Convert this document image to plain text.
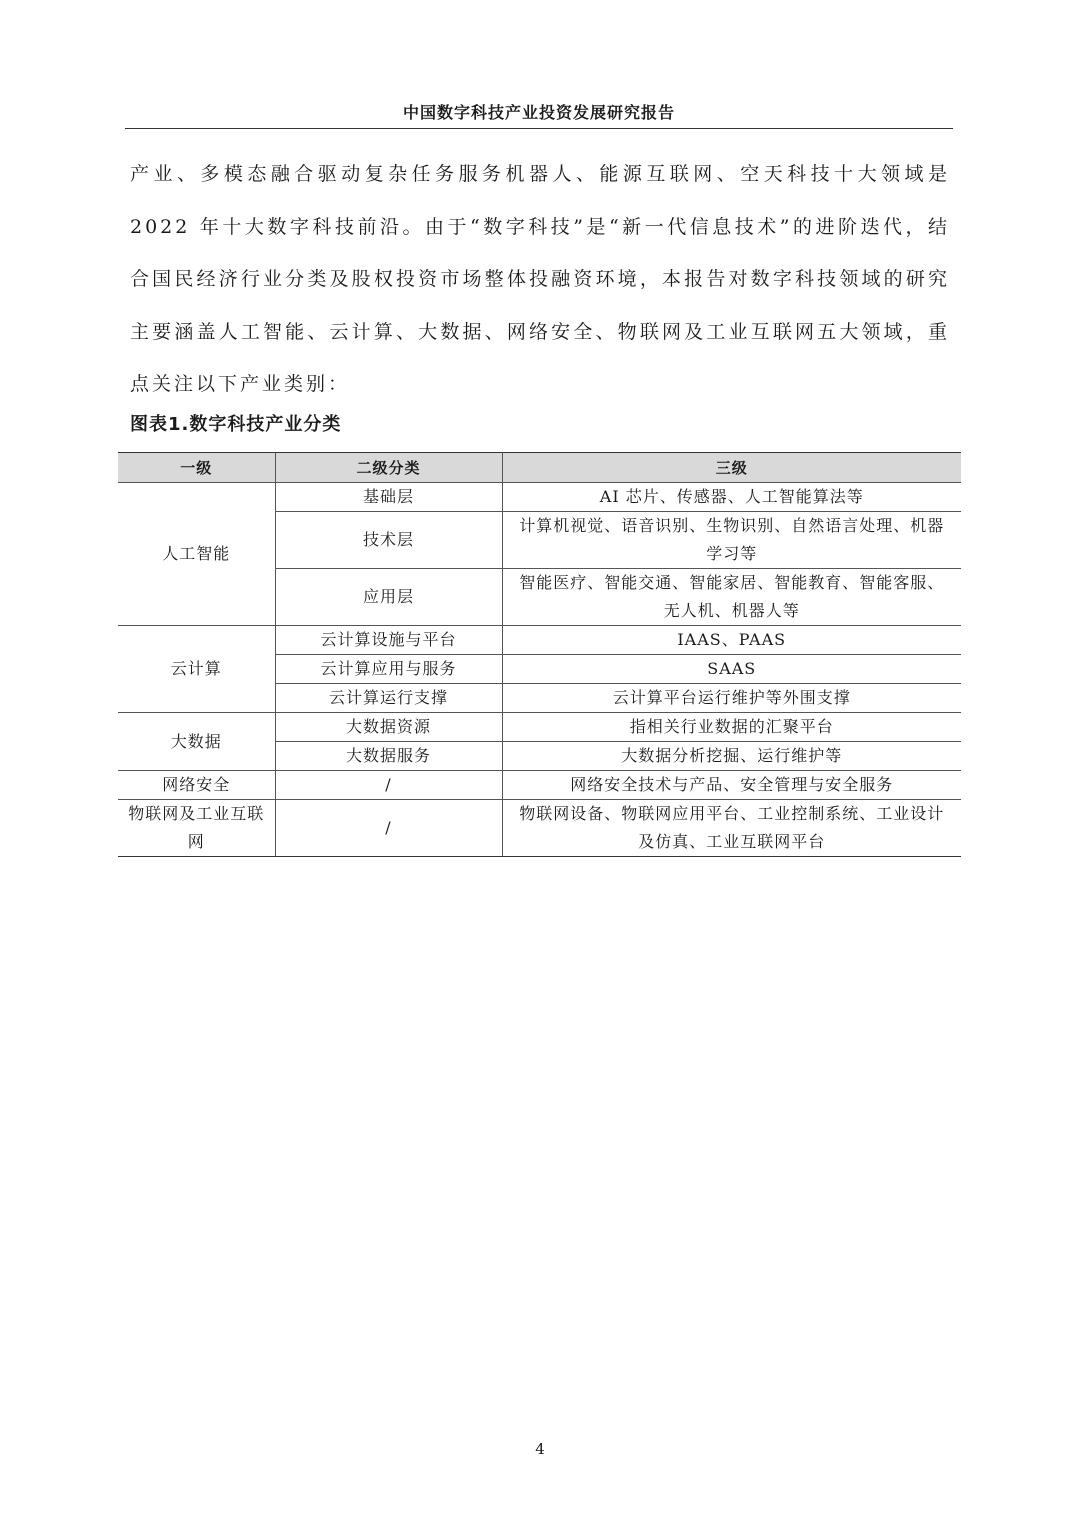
中国数字科技产业投资发展研究报告
产业、多模态融合驱动复杂任务服务机器人、能源互联网、空天科技十大领域是 2022 年十大数字科技前沿。由于“数字科技”是“新一代信息技术”的进阶迭代，结合国民经济行业分类及股权投资市场整体投融资环境，本报告对数字科技领域的研究主要涵盖人工智能、云计算、大数据、网络安全、物联网及工业互联网五大领域，重点关注以下产业类别：
图表1.数字科技产业分类
一级	二级分类	三级
人工智能	基础层	AI 芯片、传感器、人工智能算法等
	技术层	计算机视觉、语音识别、生物识别、自然语言处理、机器学习等
	应用层	智能医疗、智能交通、智能家居、智能教育、智能客服、无人机、机器人等
云计算	云计算设施与平台	IAAS、PAAS
	云计算应用与服务	SAAS
	云计算运行支撑	云计算平台运行维护等外围支撑
大数据	大数据资源	指相关行业数据的汇聚平台
	大数据服务	大数据分析挖掘、运行维护等
网络安全	/	网络安全技术与产品、安全管理与安全服务
物联网及工业互联网	/	物联网设备、物联网应用平台、工业控制系统、工业设计及仿真、工业互联网平台
4
